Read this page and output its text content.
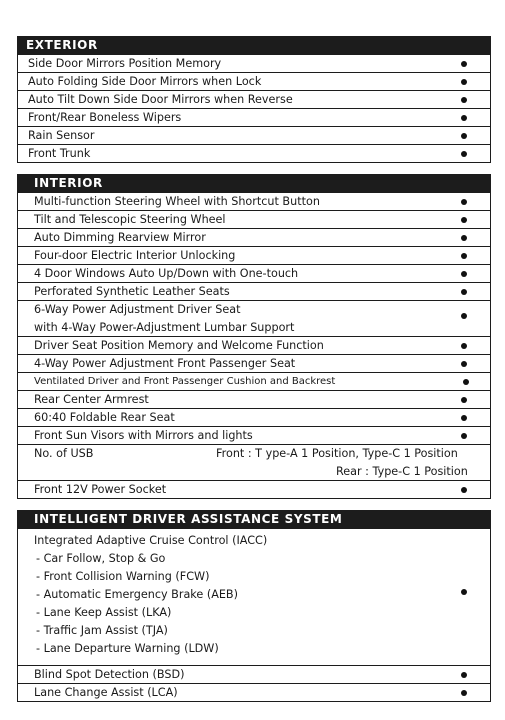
EXTERIOR
Side Door Mirrors Position Memory
Auto Folding Side Door Mirrors when Lock
Auto Tilt Down Side Door Mirrors when Reverse
Front/Rear Boneless Wipers
Rain Sensor
Front Trunk
INTERIOR
Multi-function Steering Wheel with Shortcut Button
Tilt and Telescopic Steering Wheel
Auto Dimming Rearview Mirror
Four-door Electric Interior Unlocking
4 Door Windows Auto Up/Down with One-touch
Perforated Synthetic Leather Seats
6-Way Power Adjustment Driver Seat
with 4-Way Power-Adjustment Lumbar Support
Driver Seat Position Memory and Welcome Function
4-Way Power Adjustment Front Passenger Seat
Ventilated Driver and Front Passenger Cushion and Backrest
Rear Center Armrest
60:40 Foldable Rear Seat
Front Sun Visors with Mirrors and lights
No. of USB	Front : T ype-A 1 Position, Type-C 1 Position
Rear : Type-C 1 Position
Front 12V Power Socket
INTELLIGENT DRIVER ASSISTANCE SYSTEM
Integrated Adaptive Cruise Control (IACC)
- Car Follow, Stop & Go
- Front Collision Warning (FCW)
- Automatic Emergency Brake (AEB)
- Lane Keep Assist (LKA)
- Traffic Jam Assist (TJA)
- Lane Departure Warning (LDW)
Blind Spot Detection (BSD)
Lane Change Assist (LCA)
